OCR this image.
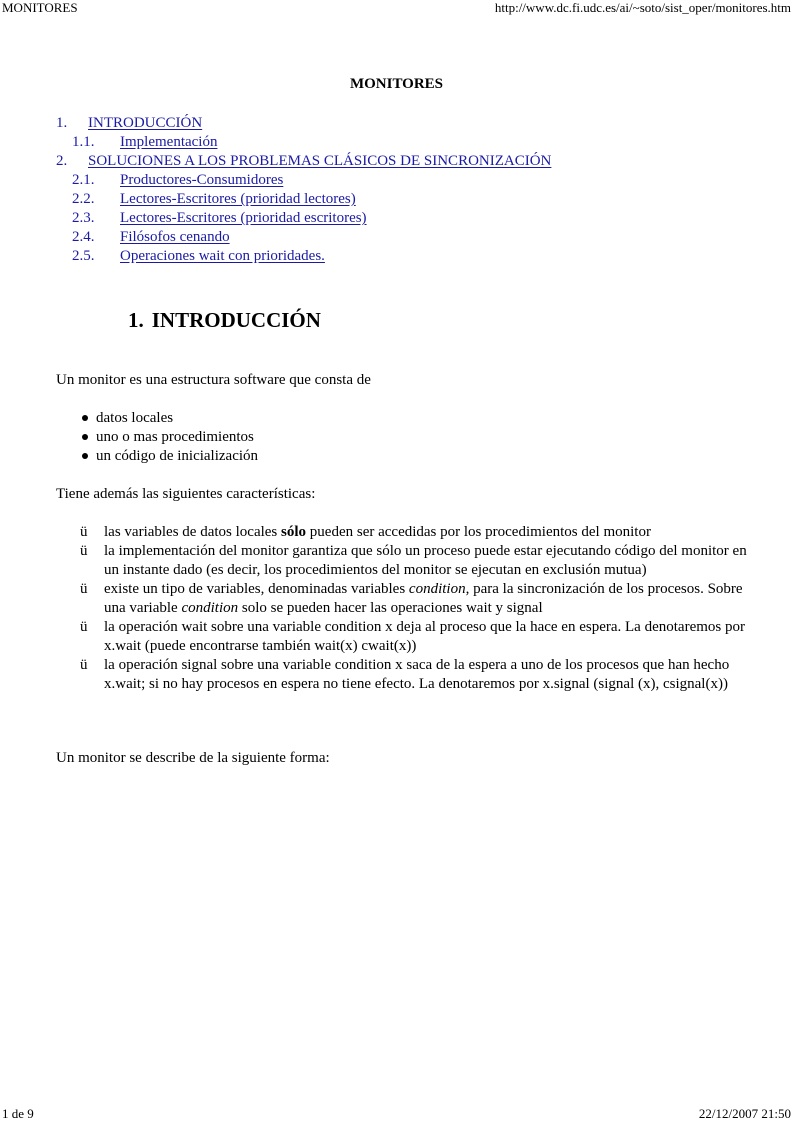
MONITORES	http://www.dc.fi.udc.es/ai/~soto/sist_oper/monitores.htm
MONITORES
1. INTRODUCCIÓN
1.1. Implementación
2. SOLUCIONES A LOS PROBLEMAS CLÁSICOS DE SINCRONIZACIÓN
2.1. Productores-Consumidores
2.2. Lectores-Escritores (prioridad lectores)
2.3. Lectores-Escritores (prioridad escritores)
2.4. Filósofos cenando
2.5. Operaciones wait con prioridades.
1. INTRODUCCIÓN

Un monitor es una estructura software que consta de

datos locales
uno o mas procedimientos
un código de inicialización

Tiene además las siguientes características:

ü las variables de datos locales sólo pueden ser accedidas por los procedimientos del monitor
ü la implementación del monitor garantiza que sólo un proceso puede estar ejecutando código del monitor en un instante dado (es decir, los procedimientos del monitor se ejecutan en exclusión mutua)
ü existe un tipo de variables, denominadas variables condition, para la sincronización de los procesos. Sobre una variable condition solo se pueden hacer las operaciones wait y signal
ü la operación wait sobre una variable condition x deja al proceso que la hace en espera. La denotaremos por x.wait (puede encontrarse también wait(x) cwait(x))
ü la operación signal sobre una variable condition x saca de la espera a uno de los procesos que han hecho x.wait; si no hay procesos en espera no tiene efecto. La denotaremos por x.signal (signal (x), csignal(x))

Un monitor se describe de la siguiente forma:

1 de 9	22/12/2007 21:50
